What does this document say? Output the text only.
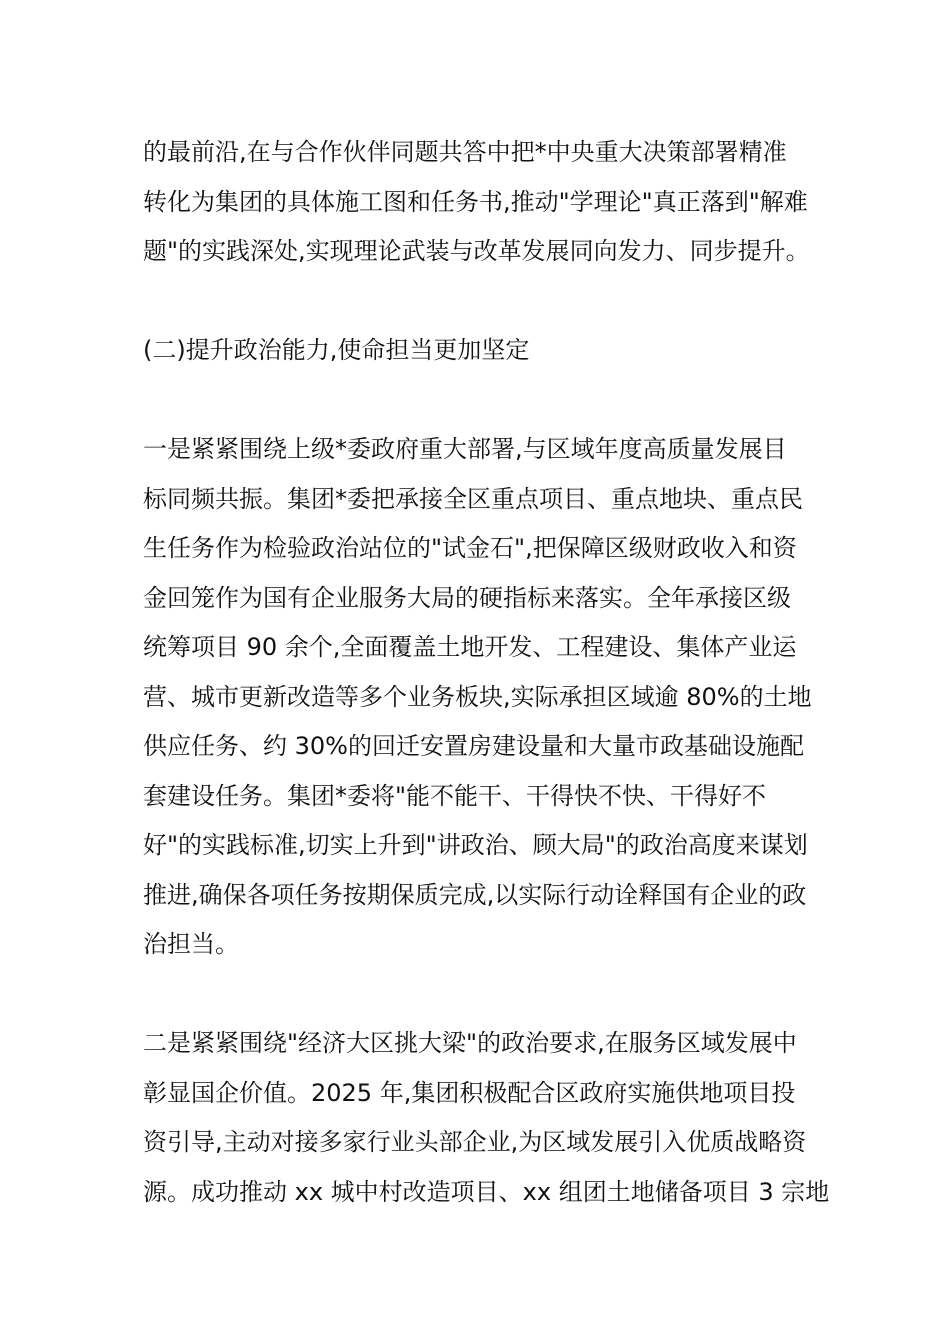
的最前沿,在与合作伙伴同题共答中把*中央重大决策部署精准
转化为集团的具体施工图和任务书,推动"学理论"真正落到"解难
题"的实践深处,实现理论武装与改革发展同向发力、同步提升。

(二)提升政治能力,使命担当更加坚定

一是紧紧围绕上级*委政府重大部署,与区域年度高质量发展目
标同频共振。集团*委把承接全区重点项目、重点地块、重点民
生任务作为检验政治站位的"试金石",把保障区级财政收入和资
金回笼作为国有企业服务大局的硬指标来落实。全年承接区级
统筹项目 90 余个,全面覆盖土地开发、工程建设、集体产业运
营、城市更新改造等多个业务板块,实际承担区域逾 80%的土地
供应任务、约 30%的回迁安置房建设量和大量市政基础设施配
套建设任务。集团*委将"能不能干、干得快不快、干得好不
好"的实践标准,切实上升到"讲政治、顾大局"的政治高度来谋划
推进,确保各项任务按期保质完成,以实际行动诠释国有企业的政
治担当。

二是紧紧围绕"经济大区挑大梁"的政治要求,在服务区域发展中
彰显国企价值。2025 年,集团积极配合区政府实施供地项目投
资引导,主动对接多家行业头部企业,为区域发展引入优质战略资
源。成功推动 xx 城中村改造项目、xx 组团土地储备项目 3 宗地
